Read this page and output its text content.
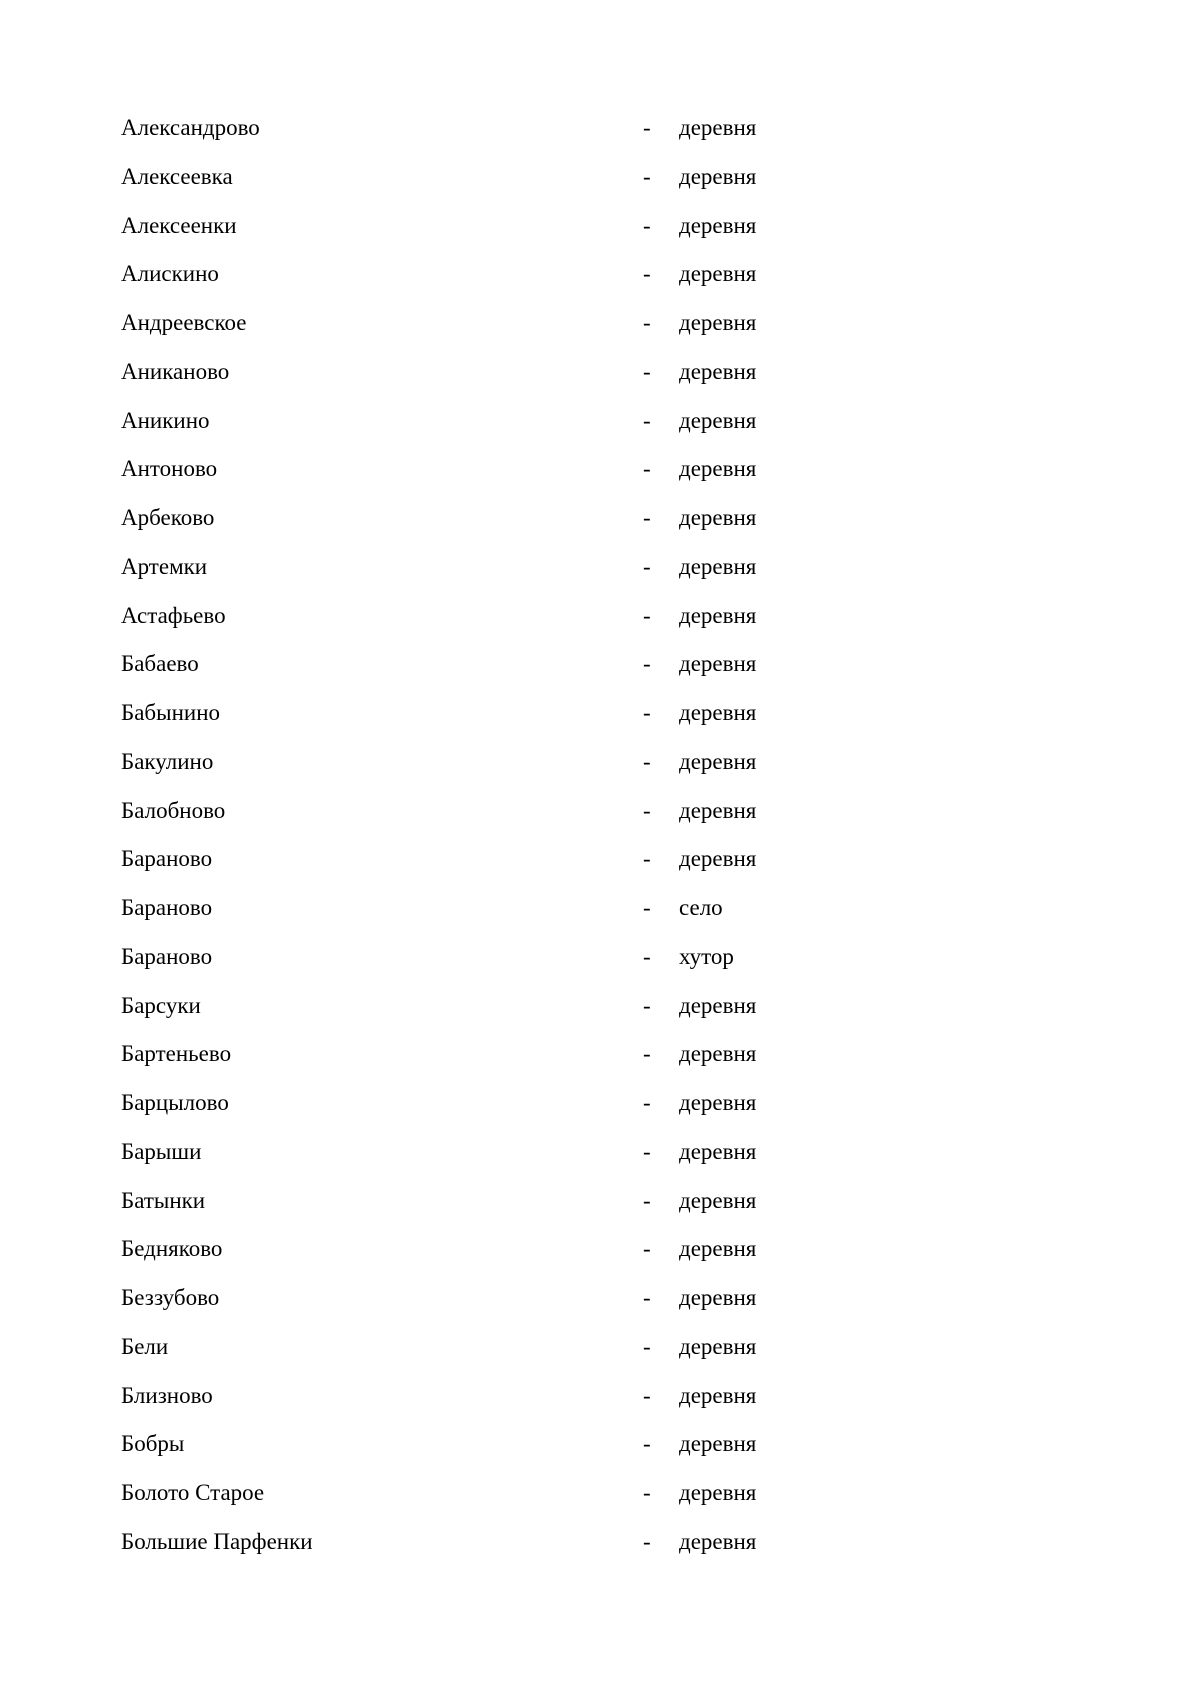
Александрово	- деревня
Алексеевка	- деревня
Алексеенки	- деревня
Алискино	- деревня
Андреевское	- деревня
Аниканово	- деревня
Аникино	- деревня
Антоново	- деревня
Арбеково	- деревня
Артемки	- деревня
Астафьево	- деревня
Бабаево	- деревня
Бабынино	- деревня
Бакулино	- деревня
Балобново	- деревня
Бараново	- деревня
Бараново	- село
Бараново	- хутор
Барсуки	- деревня
Бартеньево	- деревня
Барцылово	- деревня
Барыши	- деревня
Батынки	- деревня
Бедняково	- деревня
Беззубово	- деревня
Бели	- деревня
Близново	- деревня
Бобры	- деревня
Болото Старое	- деревня
Большие Парфенки	- деревня
